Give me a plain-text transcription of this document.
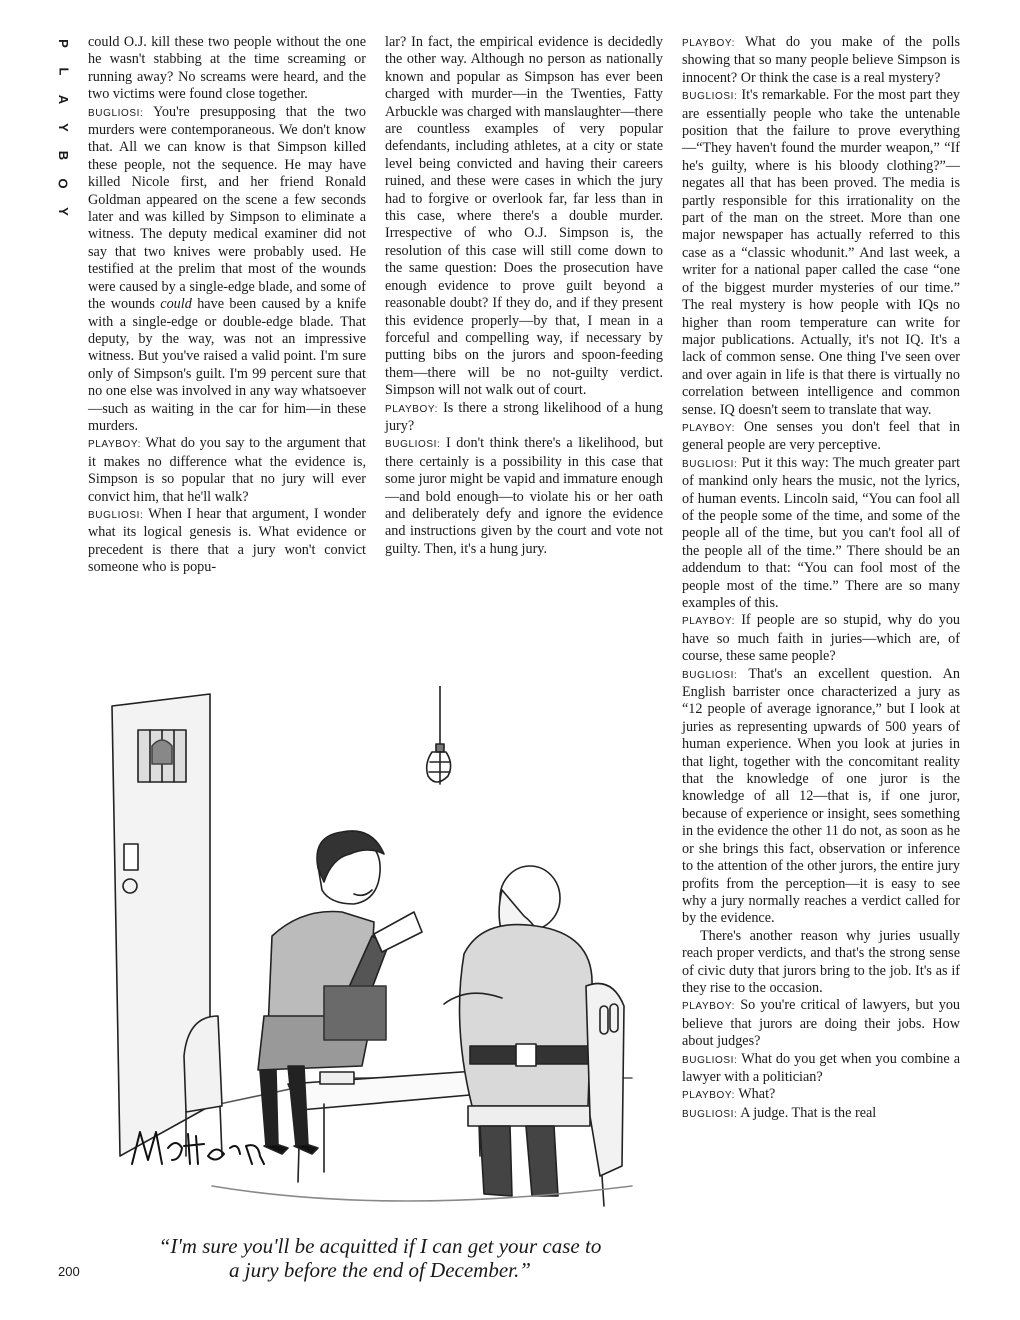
P
L
A
Y
B
O
Y

could O.J. kill these two people without the one he wasn't stabbing at the time screaming or running away? No screams were heard, and the two victims were found close together.

BUGLIOSI: You're presupposing that the two murders were contemporaneous. We don't know that. All we can know is that Simpson killed these people, not the sequence. He may have killed Nicole first, and her friend Ronald Goldman appeared on the scene a few seconds later and was killed by Simpson to eliminate a witness. The deputy medical examiner did not say that two knives were probably used. He testified at the prelim that most of the wounds were caused by a single-edge blade, and some of the wounds could have been caused by a knife with a single-edge or double-edge blade. That deputy, by the way, was not an impressive witness. But you've raised a valid point. I'm sure only of Simpson's guilt. I'm 99 percent sure that no one else was involved in any way whatsoever—such as waiting in the car for him—in these murders.

PLAYBOY: What do you say to the argument that it makes no difference what the evidence is, Simpson is so popular that no jury will ever convict him, that he'll walk?

BUGLIOSI: When I hear that argument, I wonder what its logical genesis is. What evidence or precedent is there that a jury won't convict someone who is popu-

lar? In fact, the empirical evidence is decidedly the other way. Although no person as nationally known and popular as Simpson has ever been charged with murder—in the Twenties, Fatty Arbuckle was charged with manslaughter—there are countless examples of very popular defendants, including athletes, at a city or state level being convicted and having their careers ruined, and these were cases in which the jury had to forgive or overlook far, far less than in this case, where there's a double murder. Irrespective of who O.J. Simpson is, the resolution of this case will still come down to the same question: Does the prosecution have enough evidence to prove guilt beyond a reasonable doubt? If they do, and if they present this evidence properly—by that, I mean in a forceful and compelling way, if necessary by putting bibs on the jurors and spoon-feeding them—there will be no not-guilty verdict. Simpson will not walk out of court.

PLAYBOY: Is there a strong likelihood of a hung jury?

BUGLIOSI: I don't think there's a likelihood, but there certainly is a possibility in this case that some juror might be vapid and immature enough—and bold enough—to violate his or her oath and deliberately defy and ignore the evidence and instructions given by the court and vote not guilty. Then, it's a hung jury.

PLAYBOY: What do you make of the polls showing that so many people believe Simpson is innocent? Or think the case is a real mystery?

BUGLIOSI: It's remarkable. For the most part they are essentially people who take the untenable position that the failure to prove everything—“They haven't found the murder weapon,” “If he's guilty, where is his bloody clothing?”—negates all that has been proved. The media is partly responsible for this irrationality on the part of the man on the street. More than one major newspaper has actually referred to this case as a “classic whodunit.” And last week, a writer for a national paper called the case “one of the biggest murder mysteries of our time.” The real mystery is how people with IQs no higher than room temperature can write for major publications. Actually, it's not IQ. It's a lack of common sense. One thing I've seen over and over again in life is that there is virtually no correlation between intelligence and common sense. IQ doesn't seem to translate that way.

PLAYBOY: One senses you don't feel that in general people are very perceptive.

BUGLIOSI: Put it this way: The much greater part of mankind only hears the music, not the lyrics, of human events. Lincoln said, “You can fool all of the people some of the time, and some of the people all of the time, but you can't fool all of the people all of the time.” There should be an addendum to that: “You can fool most of the people most of the time.” There are so many examples of this.

PLAYBOY: If people are so stupid, why do you have so much faith in juries—which are, of course, these same people?

BUGLIOSI: That's an excellent question. An English barrister once characterized a jury as “12 people of average ignorance,” but I look at juries as representing upwards of 500 years of human experience. When you look at juries in that light, together with the concomitant reality that the knowledge of one juror is the knowledge of all 12—that is, if one juror, because of experience or insight, sees something in the evidence the other 11 do not, as soon as he or she brings this fact, observation or inference to the attention of the other jurors, the entire jury profits from the perception—it is easy to see why a jury normally reaches a verdict called for by the evidence.

There's another reason why juries usually reach proper verdicts, and that's the strong sense of civic duty that jurors bring to the job. It's as if they rise to the occasion.

PLAYBOY: So you're critical of lawyers, but you believe that jurors are doing their jobs. How about judges?

BUGLIOSI: What do you get when you combine a lawyer with a politician?

PLAYBOY: What?

BUGLIOSI: A judge. That is the real

“I'm sure you'll be acquitted if I can get your case to
a jury before the end of December.”
200
